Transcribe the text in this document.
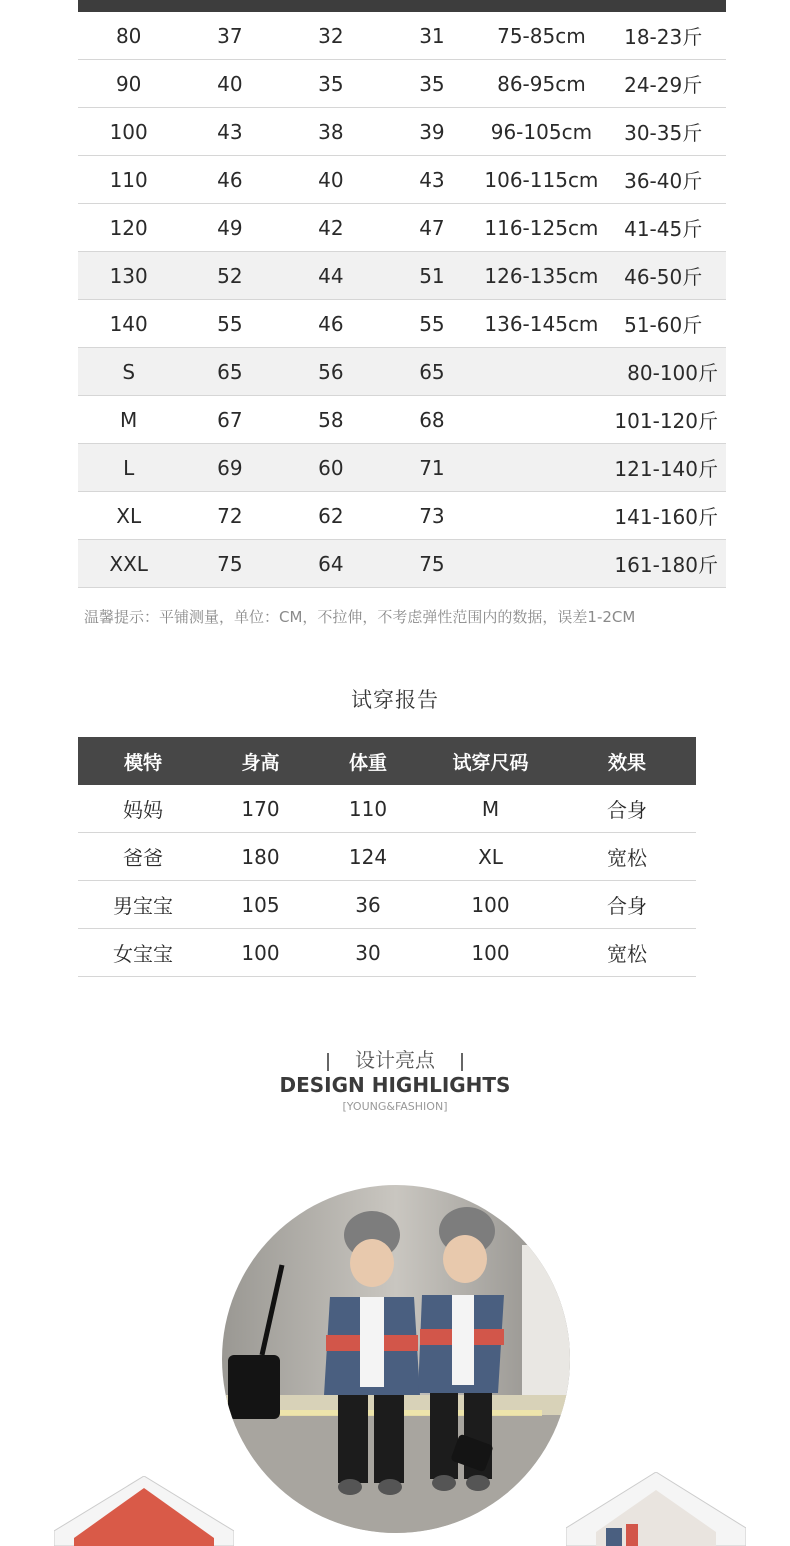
80	37	32	31	75-85cm	18-23斤
90	40	35	35	86-95cm	24-29斤
100	43	38	39	96-105cm	30-35斤
110	46	40	43	106-115cm	36-40斤
120	49	42	47	116-125cm	41-45斤
130	52	44	51	126-135cm	46-50斤
140	55	46	55	136-145cm	51-60斤
S	65	56	65		80-100斤
M	67	58	68		101-120斤
L	69	60	71		121-140斤
XL	72	62	73		141-160斤
XXL	75	64	75		161-180斤
温馨提示：平铺测量，单位：CM，不拉伸，不考虑弹性范围内的数据，误差1-2CM
试穿报告
模特	身高	体重	试穿尺码	效果
妈妈	170	110	M	合身
爸爸	180	124	XL	宽松
男宝宝	105	36	100	合身
女宝宝	100	30	100	宽松
设计亮点
DESIGN HIGHLIGHTS
[YOUNG&FASHION]
